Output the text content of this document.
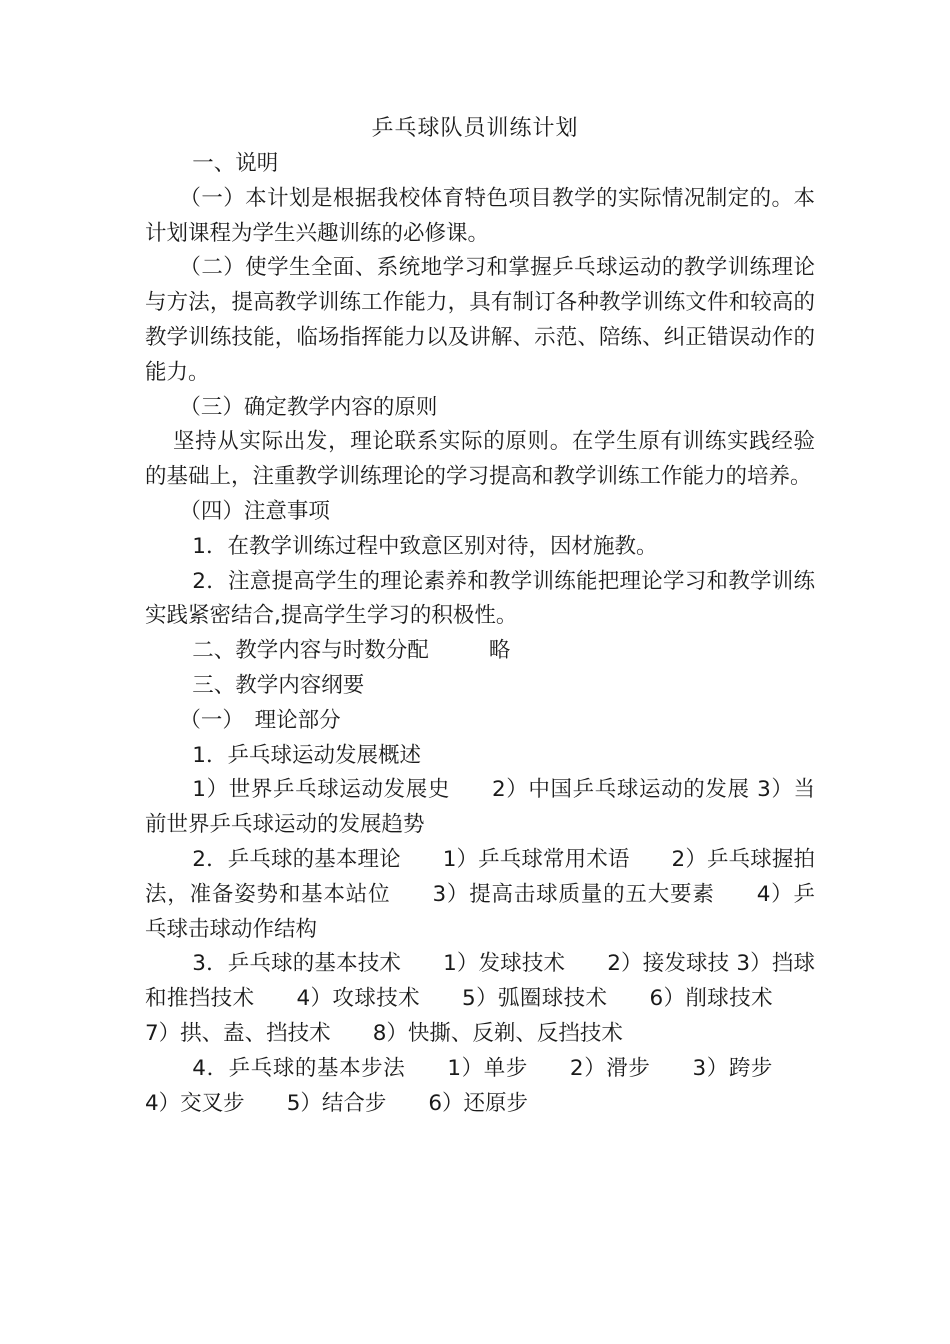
乒乓球队员训练计划

一、说明

（一）本计划是根据我校体育特色项目教学的实际情况制定的。本计划课程为学生兴趣训练的必修课。

（二）使学生全面、系统地学习和掌握乒乓球运动的教学训练理论与方法，提高教学训练工作能力，具有制订各种教学训练文件和较高的教学训练技能，临场指挥能力以及讲解、示范、陪练、纠正错误动作的能力。

（三）确定教学内容的原则

坚持从实际出发，理论联系实际的原则。在学生原有训练实践经验的基础上，注重教学训练理论的学习提高和教学训练工作能力的培养。

（四）注意事项

1．在教学训练过程中致意区别对待，因材施教。

2．注意提高学生的理论素养和教学训练能把理论学习和教学训练实践紧密结合,提高学生学习的积极性。

二、教学内容与时数分配	略

三、教学内容纲要

（一）　理论部分

1．乒乓球运动发展概述

1）世界乒乓球运动发展史 2）中国乒乓球运动的发展 3）当前世界乒乓球运动的发展趋势

2．乒乓球的基本理论 1）乒乓球常用术语 2）乒乓球握拍法，准备姿势和基本站位 3）提高击球质量的五大要素 4）乒乓球击球动作结构

3．乒乓球的基本技术 1）发球技术 2）接发球技 3）挡球和推挡技术 4）攻球技术 5）弧圈球技术 6）削球技术7）拱、盍、挡技术 8）快撕、反剃、反挡技术

4．乒乓球的基本步法 1）单步 2）滑步 3）跨步4）交叉步 5）结合步 6）还原步
